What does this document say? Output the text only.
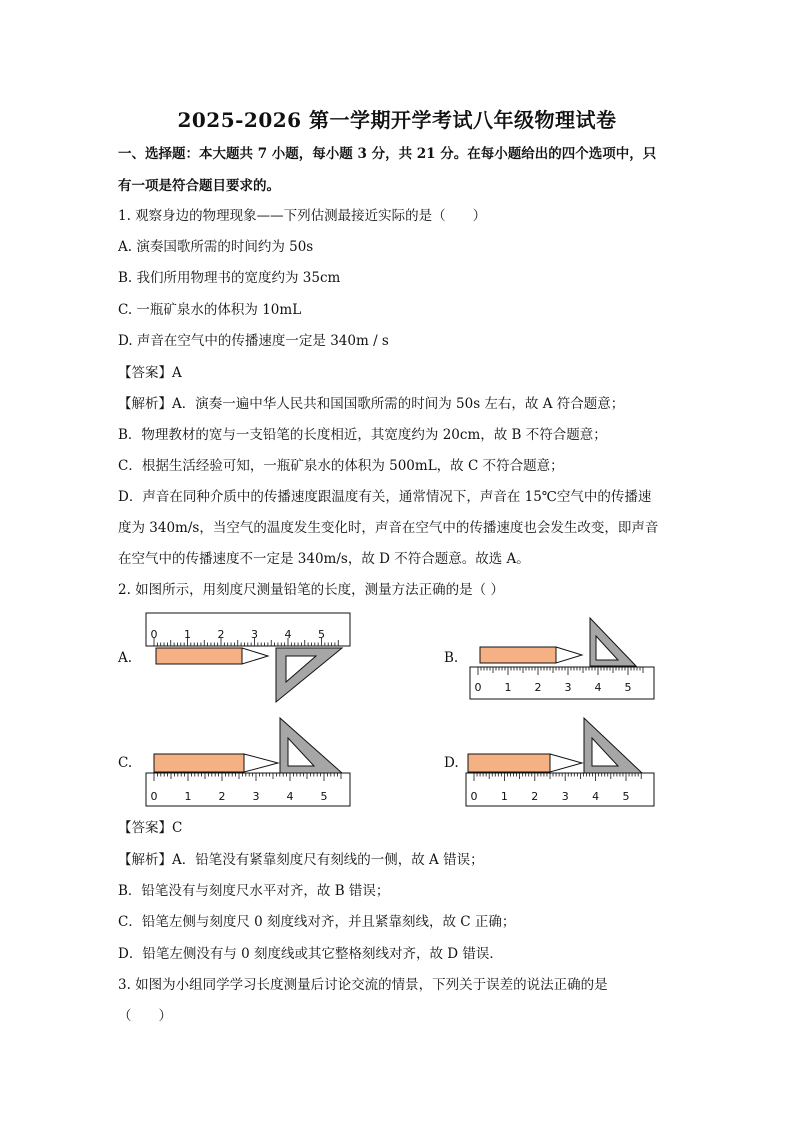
2025-2026 第一学期开学考试八年级物理试卷
一、选择题：本大题共 7 小题，每小题 3 分，共 21 分。在每小题给出的四个选项中，只
有一项是符合题目要求的。
1. 观察身边的物理现象——下列估测最接近实际的是（　　）
A. 演奏国歌所需的时间约为 50s
B. 我们所用物理书的宽度约为 35cm
C. 一瓶矿泉水的体积为 10mL
D. 声音在空气中的传播速度一定是 340m / s
【答案】A
【解析】A．演奏一遍中华人民共和国国歌所需的时间为 50s 左右，故 A 符合题意；
B．物理教材的宽与一支铅笔的长度相近，其宽度约为 20cm，故 B 不符合题意；
C．根据生活经验可知，一瓶矿泉水的体积为 500mL，故 C 不符合题意；
D．声音在同种介质中的传播速度跟温度有关，通常情况下，声音在 15℃空气中的传播速
度为 340m/s，当空气的温度发生变化时，声音在空气中的传播速度也会发生改变，即声音
在空气中的传播速度不一定是 340m/s，故 D 不符合题意。故选 A。
2. 如图所示，用刻度尺测量铅笔的长度，测量方法正确的是（ ）
A.
0 1 2 3 4 5
B.
0 1 2 3 4 5
C.
0 1 2 3 4 5
D.
0 1 2 3 4 5
【答案】C
【解析】A．铅笔没有紧靠刻度尺有刻线的一侧，故 A 错误；
B．铅笔没有与刻度尺水平对齐，故 B 错误；
C．铅笔左侧与刻度尺 0 刻度线对齐，并且紧靠刻线，故 C 正确；
D．铅笔左侧没有与 0 刻度线或其它整格刻线对齐，故 D 错误．
3. 如图为小组同学学习长度测量后讨论交流的情景，下列关于误差的说法正确的是
（　　）
